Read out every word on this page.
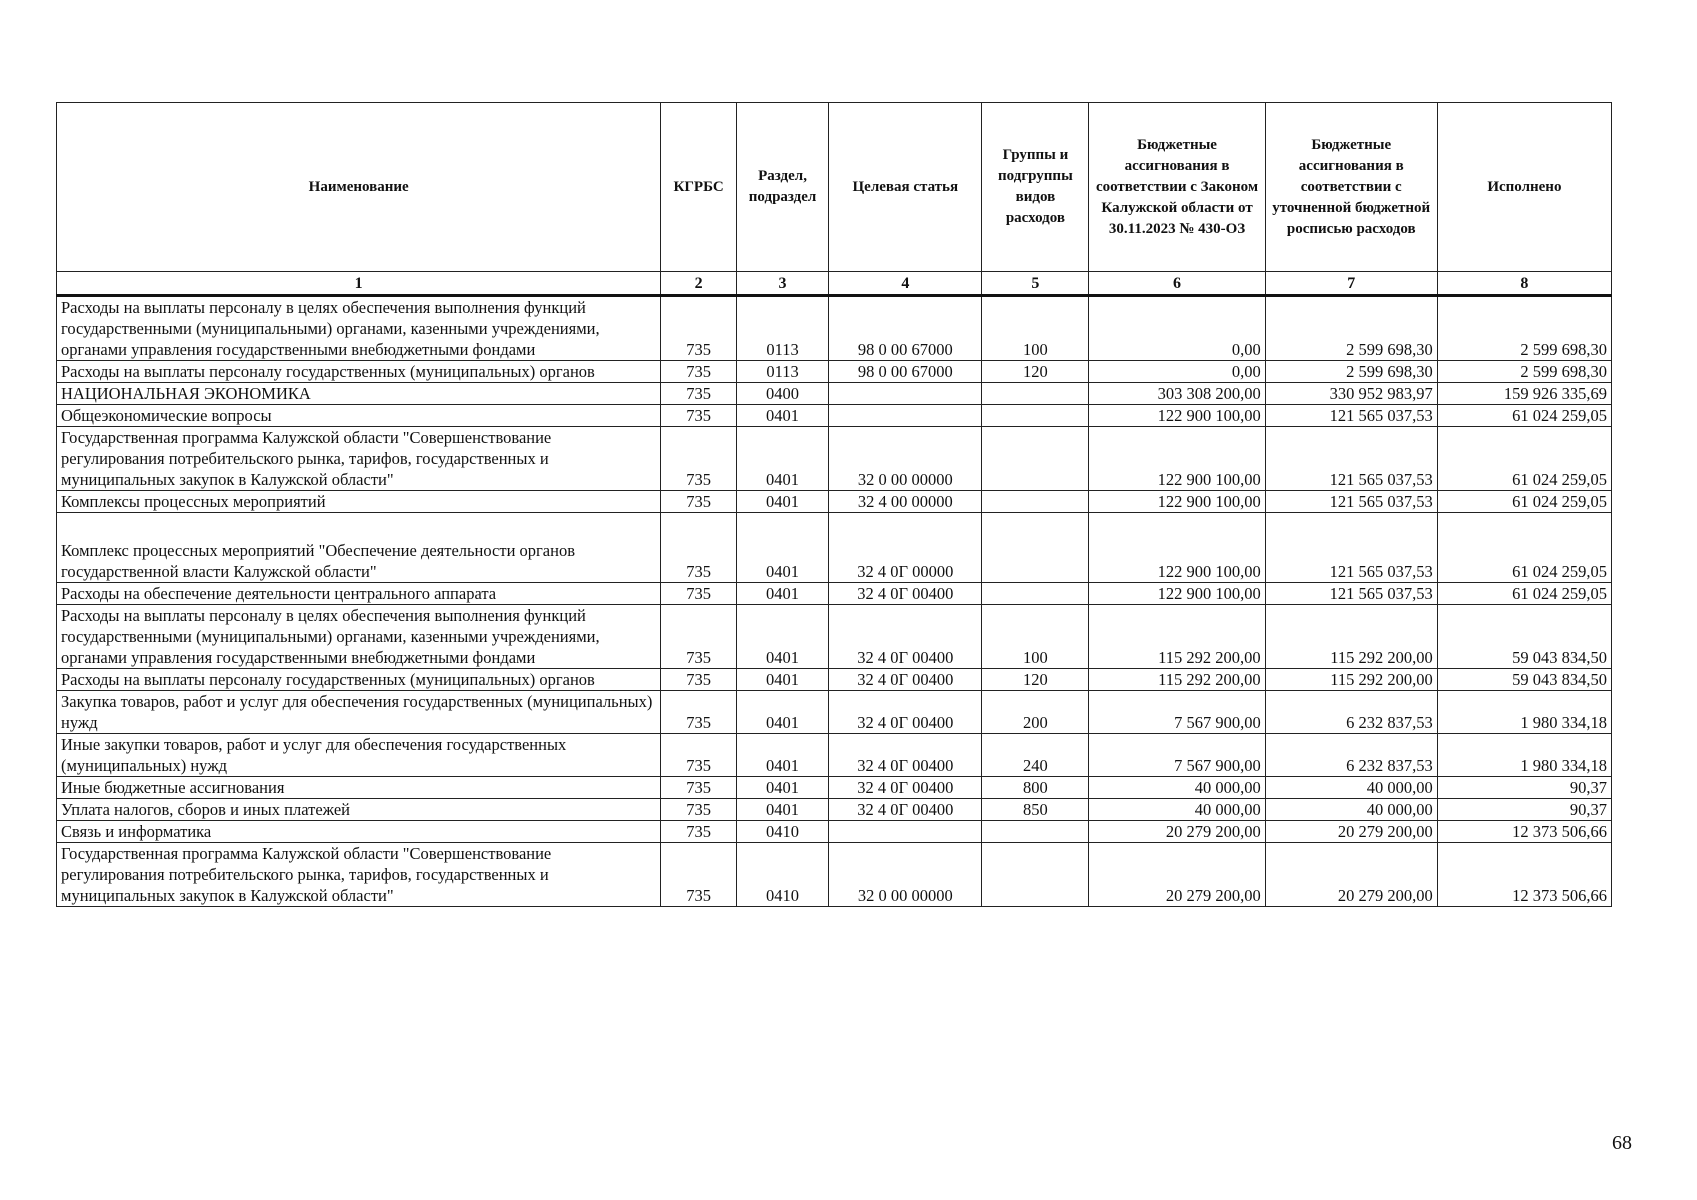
Наименование	КГРБС	Раздел, подраздел	Целевая статья	Группы и подгруппы видов расходов	Бюджетные ассигнования в соответствии с Законом Калужской области от 30.11.2023 № 430-ОЗ	Бюджетные ассигнования в соответствии с уточненной бюджетной росписью расходов	Исполнено
1	2	3	4	5	6	7	8
Расходы на выплаты персоналу в целях обеспечения выполнения функций государственными (муниципальными) органами, казенными учреждениями, органами управления государственными внебюджетными фондами	735	0113	98 0 00 67000	100	0,00	2 599 698,30	2 599 698,30
Расходы на выплаты персоналу государственных (муниципальных) органов	735	0113	98 0 00 67000	120	0,00	2 599 698,30	2 599 698,30
НАЦИОНАЛЬНАЯ ЭКОНОМИКА	735	0400			303 308 200,00	330 952 983,97	159 926 335,69
Общеэкономические вопросы	735	0401			122 900 100,00	121 565 037,53	61 024 259,05
Государственная программа Калужской области "Совершенствование регулирования потребительского рынка, тарифов, государственных и муниципальных закупок в Калужской области"	735	0401	32 0 00 00000		122 900 100,00	121 565 037,53	61 024 259,05
Комплексы процессных мероприятий	735	0401	32 4 00 00000		122 900 100,00	121 565 037,53	61 024 259,05
Комплекс процессных мероприятий "Обеспечение деятельности органов государственной власти Калужской области"	735	0401	32 4 0Г 00000		122 900 100,00	121 565 037,53	61 024 259,05
Расходы на обеспечение деятельности центрального аппарата	735	0401	32 4 0Г 00400		122 900 100,00	121 565 037,53	61 024 259,05
Расходы на выплаты персоналу в целях обеспечения выполнения функций государственными (муниципальными) органами, казенными учреждениями, органами управления государственными внебюджетными фондами	735	0401	32 4 0Г 00400	100	115 292 200,00	115 292 200,00	59 043 834,50
Расходы на выплаты персоналу государственных (муниципальных) органов	735	0401	32 4 0Г 00400	120	115 292 200,00	115 292 200,00	59 043 834,50
Закупка товаров, работ и услуг для обеспечения государственных (муниципальных) нужд	735	0401	32 4 0Г 00400	200	7 567 900,00	6 232 837,53	1 980 334,18
Иные закупки товаров, работ и услуг для обеспечения государственных (муниципальных) нужд	735	0401	32 4 0Г 00400	240	7 567 900,00	6 232 837,53	1 980 334,18
Иные бюджетные ассигнования	735	0401	32 4 0Г 00400	800	40 000,00	40 000,00	90,37
Уплата налогов, сборов и иных платежей	735	0401	32 4 0Г 00400	850	40 000,00	40 000,00	90,37
Связь и информатика	735	0410			20 279 200,00	20 279 200,00	12 373 506,66
Государственная программа Калужской области "Совершенствование регулирования потребительского рынка, тарифов, государственных и муниципальных закупок в Калужской области"	735	0410	32 0 00 00000		20 279 200,00	20 279 200,00	12 373 506,66
68
